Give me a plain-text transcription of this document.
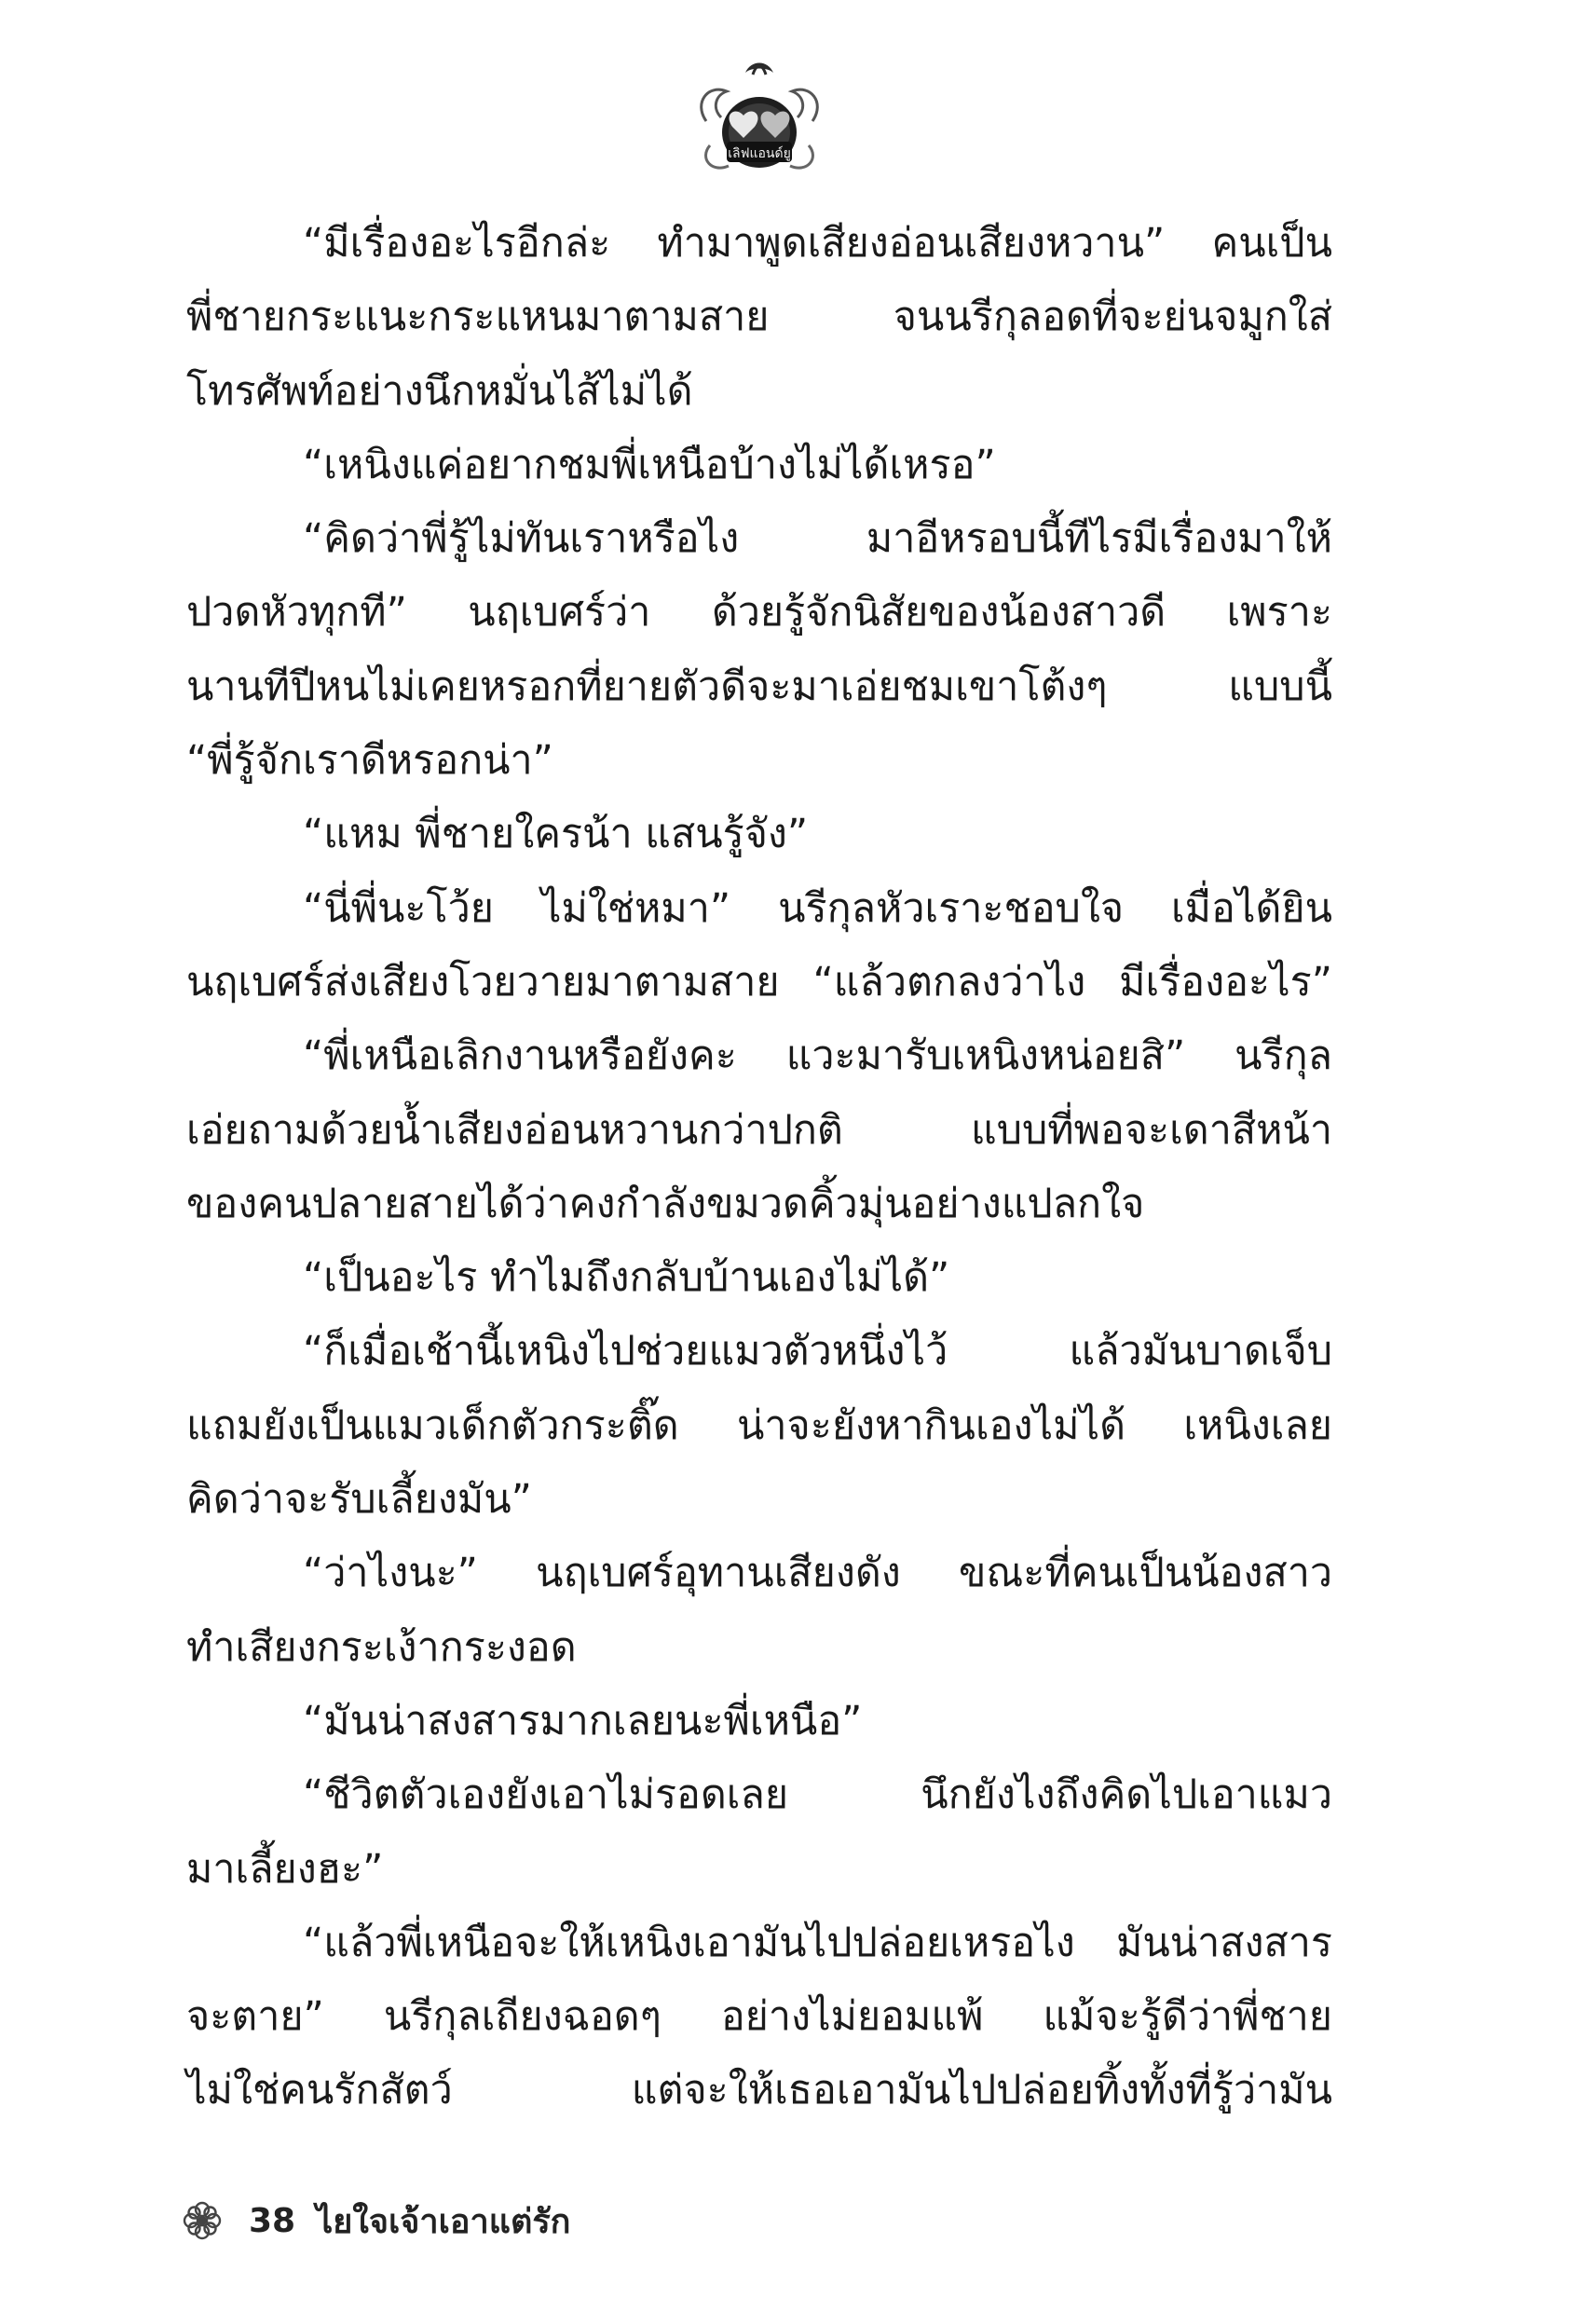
เลิฟแอนด์ยู
“มีเรื่องอะไรอีกล่ะ ทำมาพูดเสียงอ่อนเสียงหวาน” คนเป็น
พี่ชายกระแนะกระแหนมาตามสาย จนนรีกุลอดที่จะย่นจมูกใส่
โทรศัพท์อย่างนึกหมั่นไส้ไม่ได้
“เหนิงแค่อยากชมพี่เหนือบ้างไม่ได้เหรอ”
“คิดว่าพี่รู้ไม่ทันเราหรือไง มาอีหรอบนี้ทีไรมีเรื่องมาให้
ปวดหัวทุกที” นฤเบศร์ว่า ด้วยรู้จักนิสัยของน้องสาวดี เพราะ
นานทีปีหนไม่เคยหรอกที่ยายตัวดีจะมาเอ่ยชมเขาโต้งๆ แบบนี้
“พี่รู้จักเราดีหรอกน่า”
“แหม พี่ชายใครน้า แสนรู้จัง”
“นี่พี่นะโว้ย ไม่ใช่หมา” นรีกุลหัวเราะชอบใจ เมื่อได้ยิน
นฤเบศร์ส่งเสียงโวยวายมาตามสาย “แล้วตกลงว่าไง มีเรื่องอะไร”
“พี่เหนือเลิกงานหรือยังคะ แวะมารับเหนิงหน่อยสิ” นรีกุล
เอ่ยถามด้วยน้ำเสียงอ่อนหวานกว่าปกติ แบบที่พอจะเดาสีหน้า
ของคนปลายสายได้ว่าคงกำลังขมวดคิ้วมุ่นอย่างแปลกใจ
“เป็นอะไร ทำไมถึงกลับบ้านเองไม่ได้”
“ก็เมื่อเช้านี้เหนิงไปช่วยแมวตัวหนึ่งไว้ แล้วมันบาดเจ็บ
แถมยังเป็นแมวเด็กตัวกระติ๊ด น่าจะยังหากินเองไม่ได้ เหนิงเลย
คิดว่าจะรับเลี้ยงมัน”
“ว่าไงนะ” นฤเบศร์อุทานเสียงดัง ขณะที่คนเป็นน้องสาว
ทำเสียงกระเง้ากระงอด
“มันน่าสงสารมากเลยนะพี่เหนือ”
“ชีวิตตัวเองยังเอาไม่รอดเลย นึกยังไงถึงคิดไปเอาแมว
มาเลี้ยงฮะ”
“แล้วพี่เหนือจะให้เหนิงเอามันไปปล่อยเหรอไง มันน่าสงสาร
จะตาย” นรีกุลเถียงฉอดๆ อย่างไม่ยอมแพ้ แม้จะรู้ดีว่าพี่ชาย
ไม่ใช่คนรักสัตว์ แต่จะให้เธอเอามันไปปล่อยทิ้งทั้งที่รู้ว่ามัน
38 ไยใจเจ้าเอาแต่รัก
